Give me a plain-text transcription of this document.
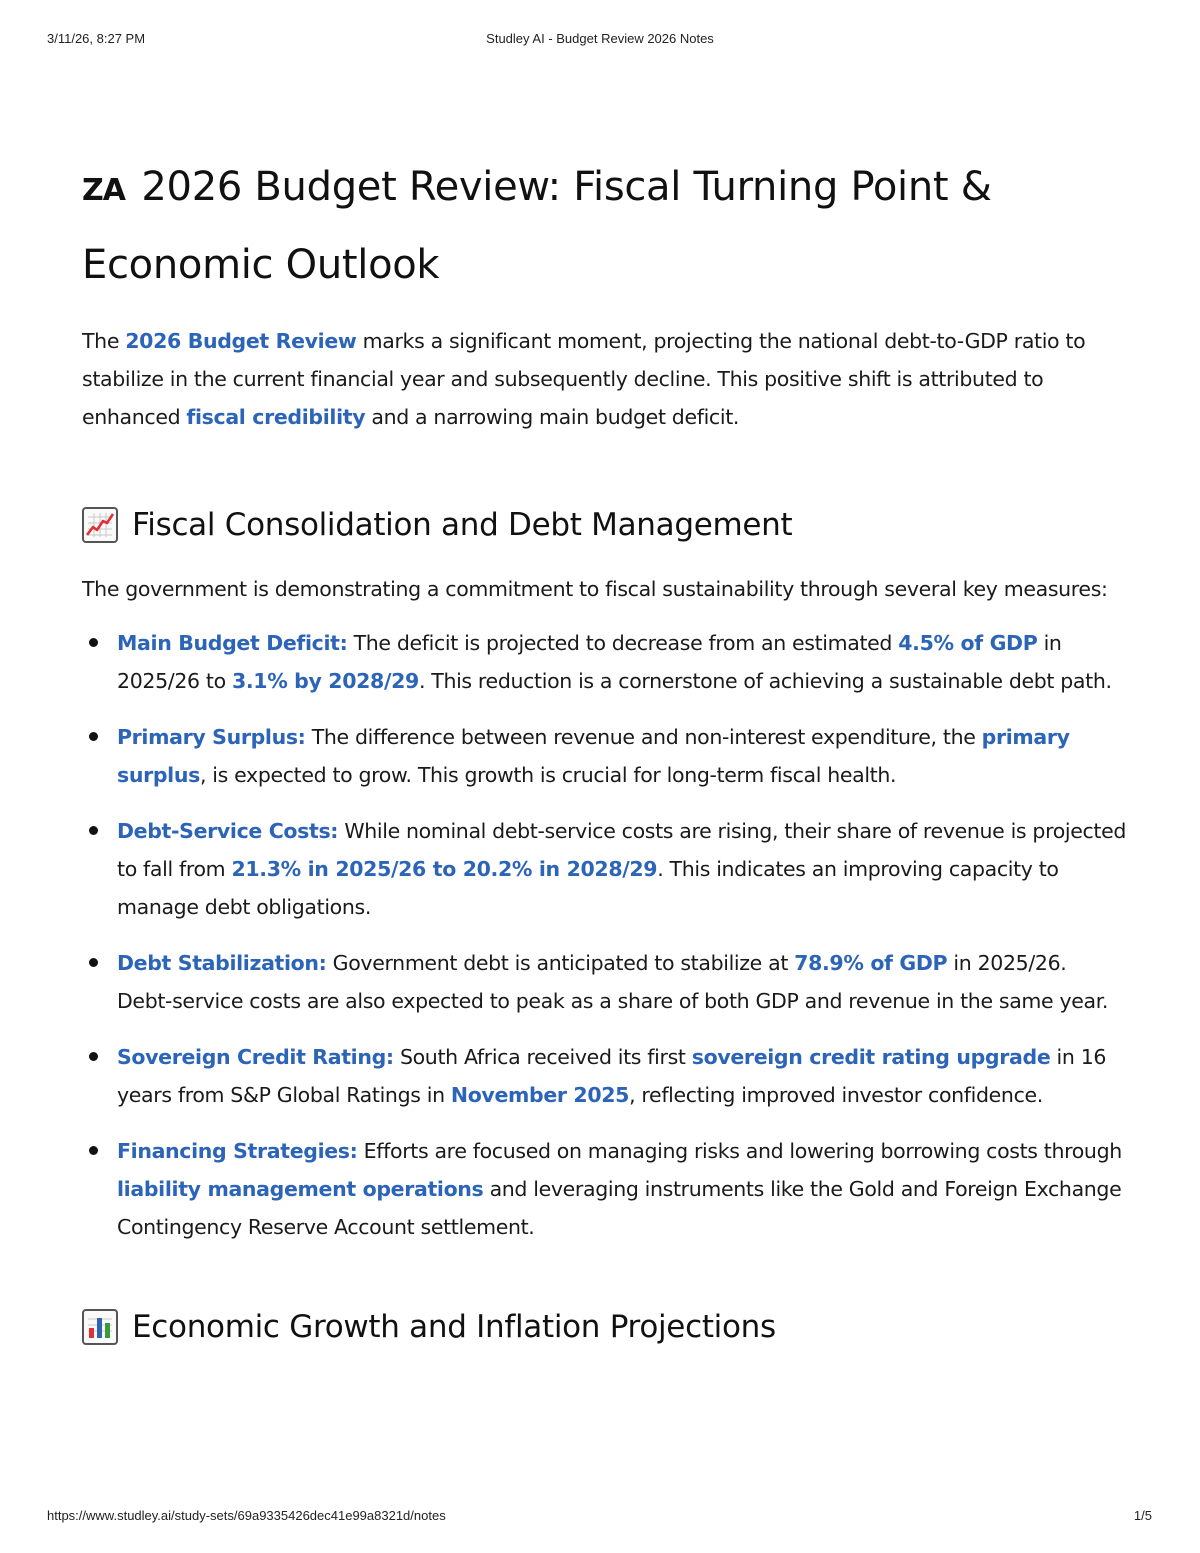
3/11/26, 8:27 PM	Studley AI - Budget Review 2026 Notes
ZA 2026 Budget Review: Fiscal Turning Point & Economic Outlook

The 2026 Budget Review marks a significant moment, projecting the national debt-to-GDP ratio to stabilize in the current financial year and subsequently decline. This positive shift is attributed to enhanced fiscal credibility and a narrowing main budget deficit.

Fiscal Consolidation and Debt Management

The government is demonstrating a commitment to fiscal sustainability through several key measures:

Main Budget Deficit: The deficit is projected to decrease from an estimated 4.5% of GDP in 2025/26 to 3.1% by 2028/29. This reduction is a cornerstone of achieving a sustainable debt path.
Primary Surplus: The difference between revenue and non-interest expenditure, the primary surplus, is expected to grow. This growth is crucial for long-term fiscal health.
Debt-Service Costs: While nominal debt-service costs are rising, their share of revenue is projected to fall from 21.3% in 2025/26 to 20.2% in 2028/29. This indicates an improving capacity to manage debt obligations.
Debt Stabilization: Government debt is anticipated to stabilize at 78.9% of GDP in 2025/26. Debt-service costs are also expected to peak as a share of both GDP and revenue in the same year.
Sovereign Credit Rating: South Africa received its first sovereign credit rating upgrade in 16 years from S&P Global Ratings in November 2025, reflecting improved investor confidence.
Financing Strategies: Efforts are focused on managing risks and lowering borrowing costs through liability management operations and leveraging instruments like the Gold and Foreign Exchange Contingency Reserve Account settlement.
Economic Growth and Inflation Projections
https://www.studley.ai/study-sets/69a9335426dec41e99a8321d/notes	1/5
